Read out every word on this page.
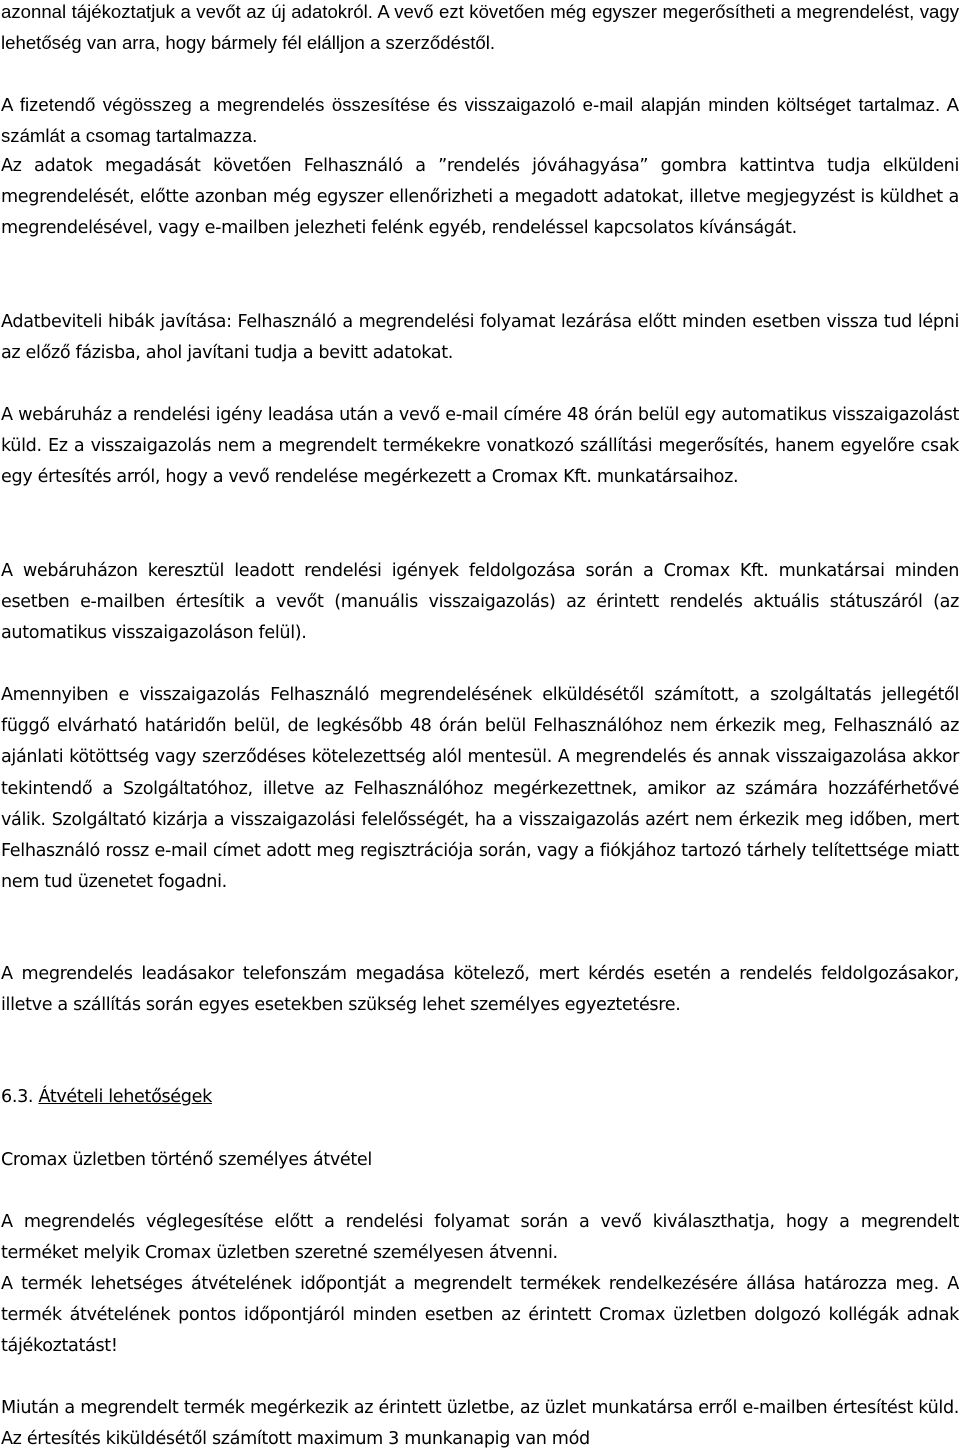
azonnal tájékoztatjuk a vevőt az új adatokról. A vevő ezt követően még egyszer megerősítheti a megrendelést, vagy lehetőség van arra, hogy bármely fél elálljon a szerződéstől.

A fizetendő végösszeg a megrendelés összesítése és visszaigazoló e-mail alapján minden költséget tartalmaz. A számlát a csomag tartalmazza.

Az adatok megadását követően Felhasználó a ”rendelés jóváhagyása” gombra kattintva tudja elküldeni megrendelését, előtte azonban még egyszer ellenőrizheti a megadott adatokat, illetve megjegyzést is küldhet a megrendelésével, vagy e-mailben jelezheti felénk egyéb, rendeléssel kapcsolatos kívánságát.

Adatbeviteli hibák javítása: Felhasználó a megrendelési folyamat lezárása előtt minden esetben vissza tud lépni az előző fázisba, ahol javítani tudja a bevitt adatokat.

A webáruház a rendelési igény leadása után a vevő e-mail címére 48 órán belül egy automatikus visszaigazolást küld. Ez a visszaigazolás nem a megrendelt termékekre vonatkozó szállítási megerősítés, hanem egyelőre csak egy értesítés arról, hogy a vevő rendelése megérkezett a Cromax Kft. munkatársaihoz.

A webáruházon keresztül leadott rendelési igények feldolgozása során a Cromax Kft. munkatársai minden esetben e-mailben értesítik a vevőt (manuális visszaigazolás) az érintett rendelés aktuális státuszáról (az automatikus visszaigazoláson felül).

Amennyiben e visszaigazolás Felhasználó megrendelésének elküldésétől számított, a szolgáltatás jellegétől függő elvárható határidőn belül, de legkésőbb 48 órán belül Felhasználóhoz nem érkezik meg, Felhasználó az ajánlati kötöttség vagy szerződéses kötelezettség alól mentesül. A megrendelés és annak visszaigazolása akkor tekintendő a Szolgáltatóhoz, illetve az Felhasználóhoz megérkezettnek, amikor az számára hozzáférhetővé válik. Szolgáltató kizárja a visszaigazolási felelősségét, ha a visszaigazolás azért nem érkezik meg időben, mert Felhasználó rossz e-mail címet adott meg regisztrációja során, vagy a fiókjához tartozó tárhely telítettsége miatt nem tud üzenetet fogadni.

A megrendelés leadásakor telefonszám megadása kötelező, mert kérdés esetén a rendelés feldolgozásakor, illetve a szállítás során egyes esetekben szükség lehet személyes egyeztetésre.

6.3. Átvételi lehetőségek
Cromax üzletben történő személyes átvétel

A megrendelés véglegesítése előtt a rendelési folyamat során a vevő kiválaszthatja, hogy a megrendelt terméket melyik Cromax üzletben szeretné személyesen átvenni.

A termék lehetséges átvételének időpontját a megrendelt termékek rendelkezésére állása határozza meg. A termék átvételének pontos időpontjáról minden esetben az érintett Cromax üzletben dolgozó kollégák adnak tájékoztatást!

Miután a megrendelt termék megérkezik az érintett üzletbe, az üzlet munkatársa erről e-mailben értesítést küld. Az értesítés kiküldésétől számított maximum 3 munkanapig van mód
